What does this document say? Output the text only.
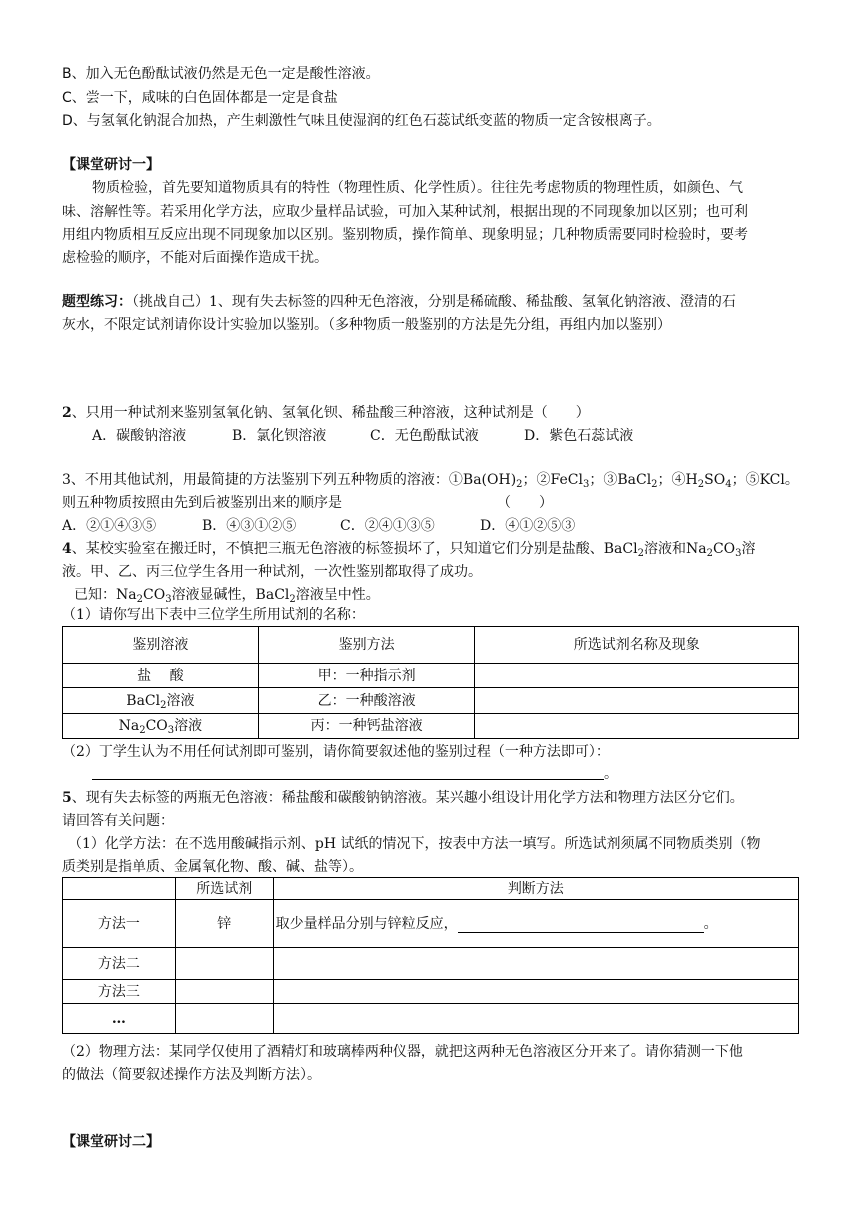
B、加入无色酚酞试液仍然是无色一定是酸性溶液。
C、尝一下，咸味的白色固体都是一定是食盐
D、与氢氧化钠混合加热，产生刺激性气味且使湿润的红色石蕊试纸变蓝的物质一定含铵根离子。
【课堂研讨一】
物质检验，首先要知道物质具有的特性（物理性质、化学性质）。往往先考虑物质的物理性质，如颜色、气
味、溶解性等。若采用化学方法，应取少量样品试验，可加入某种试剂，根据出现的不同现象加以区别；也可利
用组内物质相互反应出现不同现象加以区别。鉴别物质，操作简单、现象明显；几种物质需要同时检验时，要考
虑检验的顺序，不能对后面操作造成干扰。
题型练习：（挑战自己）1、现有失去标签的四种无色溶液，分别是稀硫酸、稀盐酸、氢氧化钠溶液、澄清的石
灰水，不限定试剂请你设计实验加以鉴别。（多种物质一般鉴别的方法是先分组，再组内加以鉴别）
2、只用一种试剂来鉴别氢氧化钠、氢氧化钡、稀盐酸三种溶液，这种试剂是（　　）
A．碳酸钠溶液	B．氯化钡溶液	C．无色酚酞试液	D．紫色石蕊试液
3、不用其他试剂，用最简捷的方法鉴别下列五种物质的溶液：$①Ba(OH)_2$；②FeCl$_3$；③BaCl$_2$；$④H_2SO_4$；⑤KCl。
则五种物质按照由先到后被鉴别出来的顺序是	（　　）
A．②①④③⑤	B．④③①②⑤	C．②④①③⑤	D．④①②⑤③
4、某校实验室在搬迁时，不慎把三瓶无色溶液的标签损坏了，只知道它们分别是盐酸、BaCl$_2$溶液和$Na_2CO_3$溶
液。甲、乙、丙三位学生各用一种试剂，一次性鉴别都取得了成功。
已知：$Na_2CO_3$溶液显碱性，BaCl$_2$溶液呈中性。
（1）请你写出下表中三位学生所用试剂的名称：
鉴别溶液	鉴别方法	所选试剂名称及现象
盐　 酸	甲：一种指示剂	
BaCl$_2$溶液	乙：一种酸溶液	
$Na_2CO_3$溶液	丙：一种钙盐溶液	
（2）丁学生认为不用任何试剂即可鉴别，请你简要叙述他的鉴别过程（一种方法即可）：
。
5、现有失去标签的两瓶无色溶液：稀盐酸和碳酸钠钠溶液。某兴趣小组设计用化学方法和物理方法区分它们。
请回答有关问题：
（1）化学方法：在不选用酸碱指示剂、pH 试纸的情况下，按表中方法一填写。所选试剂须属不同物质类别（物
质类别是指单质、金属氧化物、酸、碱、盐等）。
	所选试剂	判断方法
方法一	锌	取少量样品分别与锌粒反应， 。
方法二		
方法三		
…		
（2）物理方法：某同学仅使用了酒精灯和玻璃棒两种仪器，就把这两种无色溶液区分开来了。请你猜测一下他
的做法（简要叙述操作方法及判断方法）。
【课堂研讨二】
